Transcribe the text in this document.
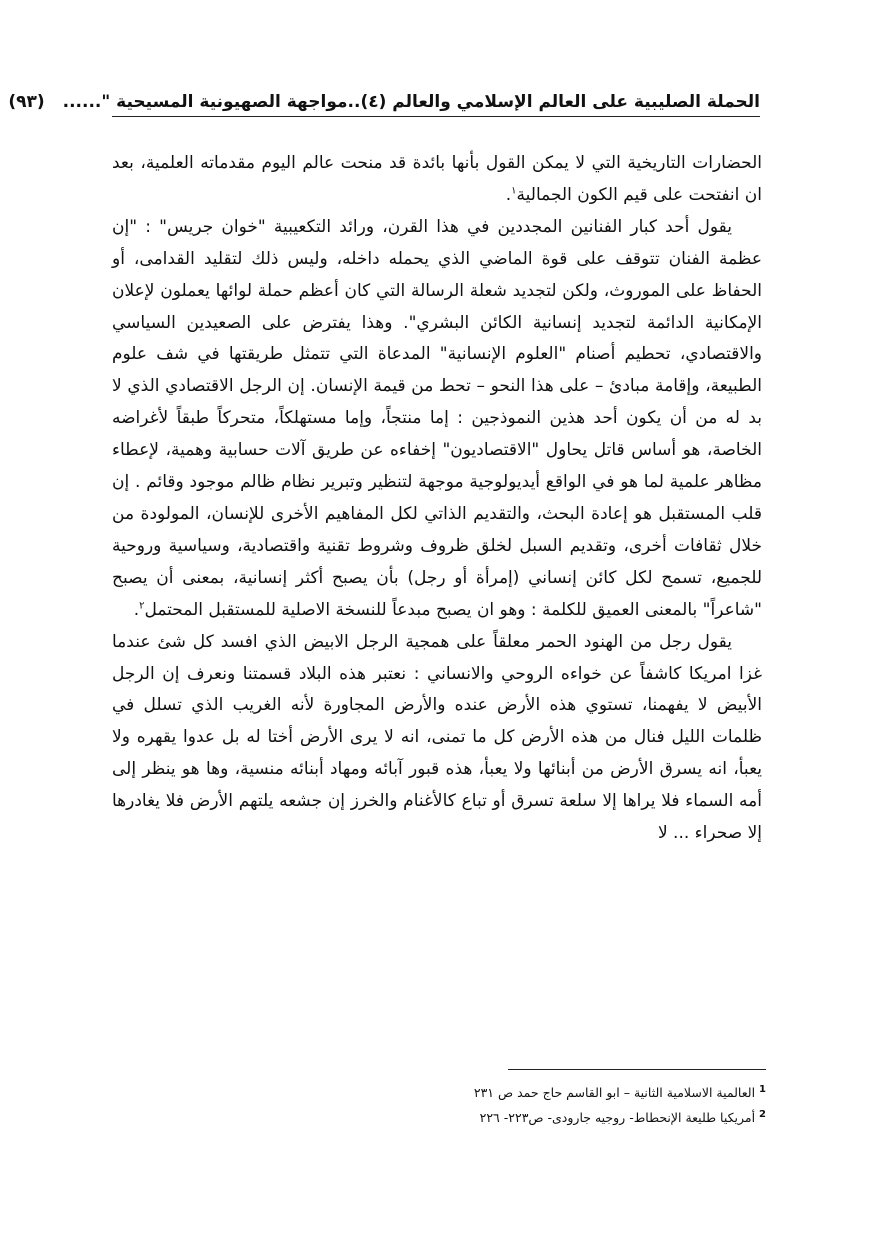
الحملة الصليبية على العالم الإسلامي والعالم (٤)..مواجهة الصهيونية المسيحية "...... (٩٣)

الحضارات التاريخية التي لا يمكن القول بأنها بائدة قد منحت عالم اليوم مقدماته العلمية، بعد ان انفتحت على قيم الكون الجمالية$^١$.

يقول أحد كبار الفنانين المجددين في هذا القرن، ورائد التكعيبية "خوان جريس" : "إن عظمة الفنان تتوقف على قوة الماضي الذي يحمله داخله، وليس ذلك لتقليد القدامى، أو الحفاظ على الموروث، ولكن لتجديد شعلة الرسالة التي كان أعظم حملة لوائها يعملون لإعلان الإمكانية الدائمة لتجديد إنسانية الكائن البشري". وهذا يفترض على الصعيدين السياسي والاقتصادي، تحطيم أصنام "العلوم الإنسانية" المدعاة التي تتمثل طريقتها في شف علوم الطبيعة، وإقامة مبادئ – على هذا النحو – تحط من قيمة الإنسان. إن الرجل الاقتصادي الذي لا بد له من أن يكون أحد هذين النموذجين : إما منتجاً، وإما مستهلكاً، متحركاً طبقاً لأغراضه الخاصة، هو أساس قاتل يحاول "الاقتصاديون" إخفاءه عن طريق آلات حسابية وهمية، لإعطاء مظاهر علمية لما هو في الواقع أيديولوجية موجهة لتنظير وتبرير نظام ظالم موجود وقائم . إن قلب المستقبل هو إعادة البحث، والتقديم الذاتي لكل المفاهيم الأخرى للإنسان، المولودة من خلال ثقافات أخرى، وتقديم السبل لخلق ظروف وشروط تقنية واقتصادية، وسياسية وروحية للجميع، تسمح لكل كائن إنساني (إمرأة أو رجل) بأن يصبح أكثر إنسانية، بمعنى أن يصبح "شاعراً" بالمعنى العميق للكلمة : وهو ان يصبح مبدعاً للنسخة الاصلية للمستقبل المحتمل$^٢$.

يقول رجل من الهنود الحمر معلقاً على همجية الرجل الابيض الذي افسد كل شئ عندما غزا امريكا كاشفاً عن خواءه الروحي والانساني : نعتبر هذه البلاد قسمتنا ونعرف إن الرجل الأبيض لا يفهمنا، تستوي هذه الأرض عنده والأرض المجاورة لأنه الغريب الذي تسلل في ظلمات الليل فنال من هذه الأرض كل ما تمنى، انه لا يرى الأرض أختا له بل عدوا يقهره ولا يعبأ، انه يسرق الأرض من أبنائها ولا يعبأ، هذه قبور آبائه ومهاد أبنائه منسية، وها هو ينظر إلى أمه السماء فلا يراها إلا سلعة تسرق أو تباع كالأغنام والخرز إن جشعه يلتهم الأرض فلا يغادرها إلا صحراء ... لا

$^1$ العالمية الاسلامية الثانية – ابو القاسم حاج حمد ص ٢٣١
$^2$ أمريكيا طليعة الإنحطاط- روجيه جارودى- ص٢٢٣- ٢٢٦
